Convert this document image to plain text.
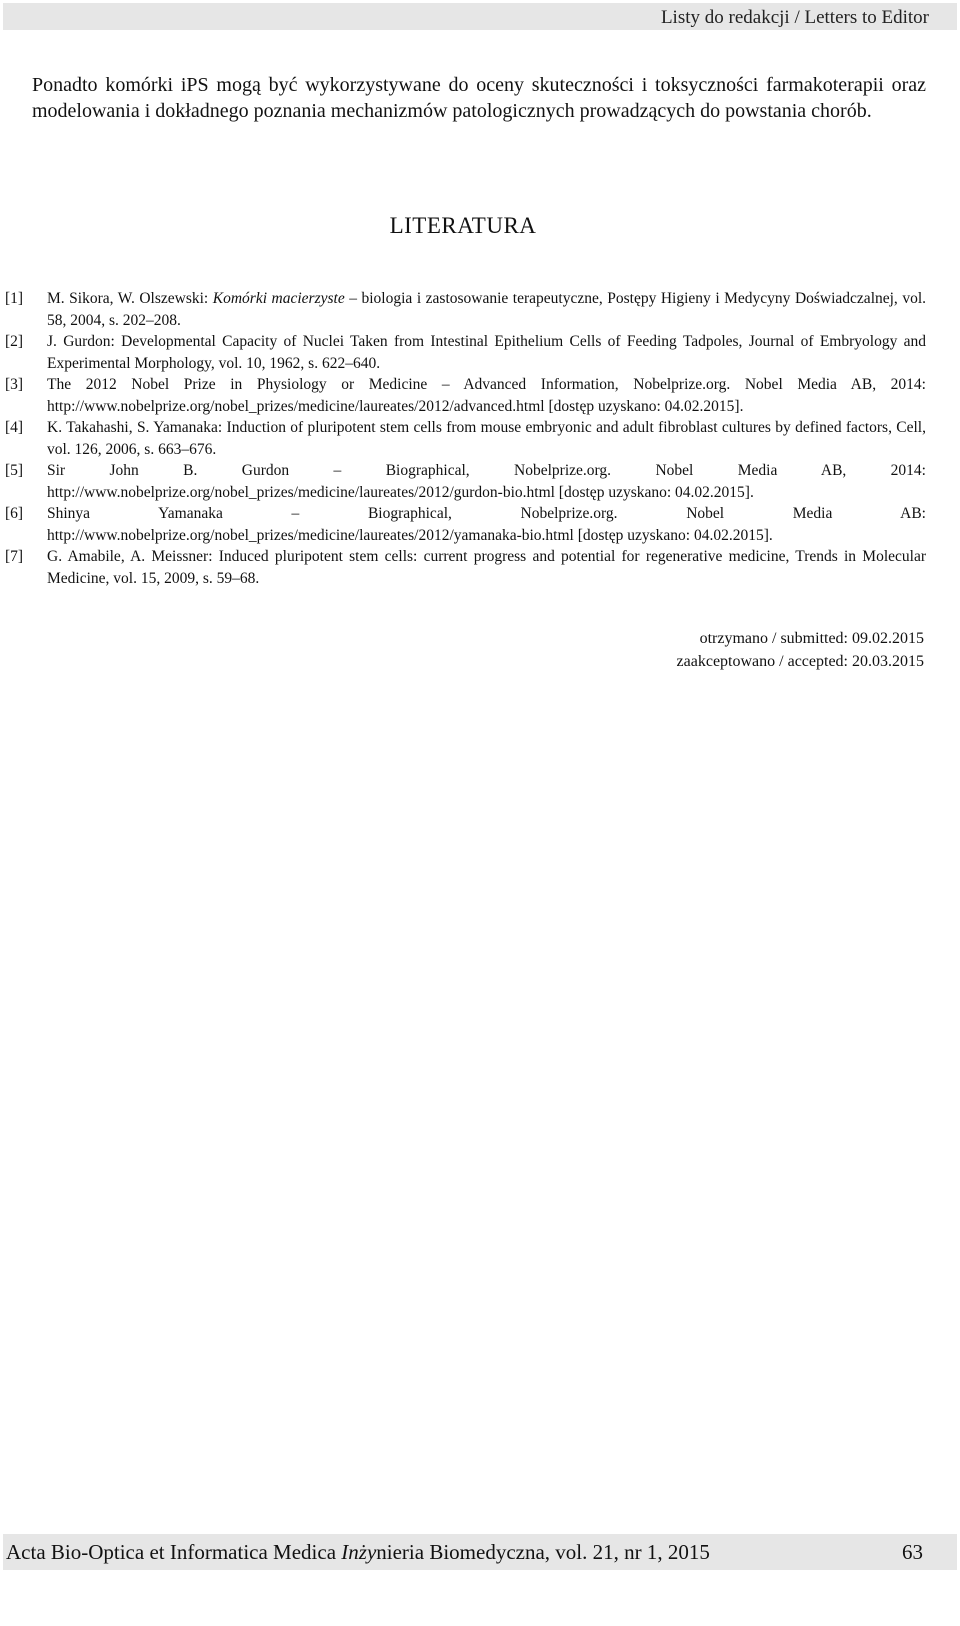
Listy do redakcji / Letters to Editor
Ponadto komórki iPS mogą być wykorzystywane do oceny skuteczności i toksyczności farmakoterapii oraz modelowania i dokładnego poznania mechanizmów patologicznych prowadzących do powstania chorób.
LITERATURA
[1] M. Sikora, W. Olszewski: Komórki macierzyste – biologia i zastosowanie terapeutyczne, Postępy Higieny i Medycyny Doświadczalnej, vol. 58, 2004, s. 202–208.
[2] J. Gurdon: Developmental Capacity of Nuclei Taken from Intestinal Epithelium Cells of Feeding Tadpoles, Journal of Embryology and Experimental Morphology, vol. 10, 1962, s. 622–640.
[3] The 2012 Nobel Prize in Physiology or Medicine – Advanced Information, Nobelprize.org. Nobel Media AB, 2014: http://www.nobelprize.org/nobel_prizes/medicine/laureates/2012/advanced.html [dostęp uzyskano: 04.02.2015].
[4] K. Takahashi, S. Yamanaka: Induction of pluripotent stem cells from mouse embryonic and adult fibroblast cultures by defined factors, Cell, vol. 126, 2006, s. 663–676.
[5] Sir John B. Gurdon – Biographical, Nobelprize.org. Nobel Media AB, 2014: http://www.nobelprize.org/nobel_prizes/medicine/laureates/2012/gurdon-bio.html [dostęp uzyskano: 04.02.2015].
[6] Shinya Yamanaka – Biographical, Nobelprize.org. Nobel Media AB: http://www.nobelprize.org/nobel_prizes/medicine/laureates/2012/yamanaka-bio.html [dostęp uzyskano: 04.02.2015].
[7] G. Amabile, A. Meissner: Induced pluripotent stem cells: current progress and potential for regenerative medicine, Trends in Molecular Medicine, vol. 15, 2009, s. 59–68.
otrzymano / submitted: 09.02.2015
zaakceptowano / accepted: 20.03.2015
Acta Bio-Optica et Informatica Medica Inżynieria Biomedyczna, vol. 21, nr 1, 2015	63
